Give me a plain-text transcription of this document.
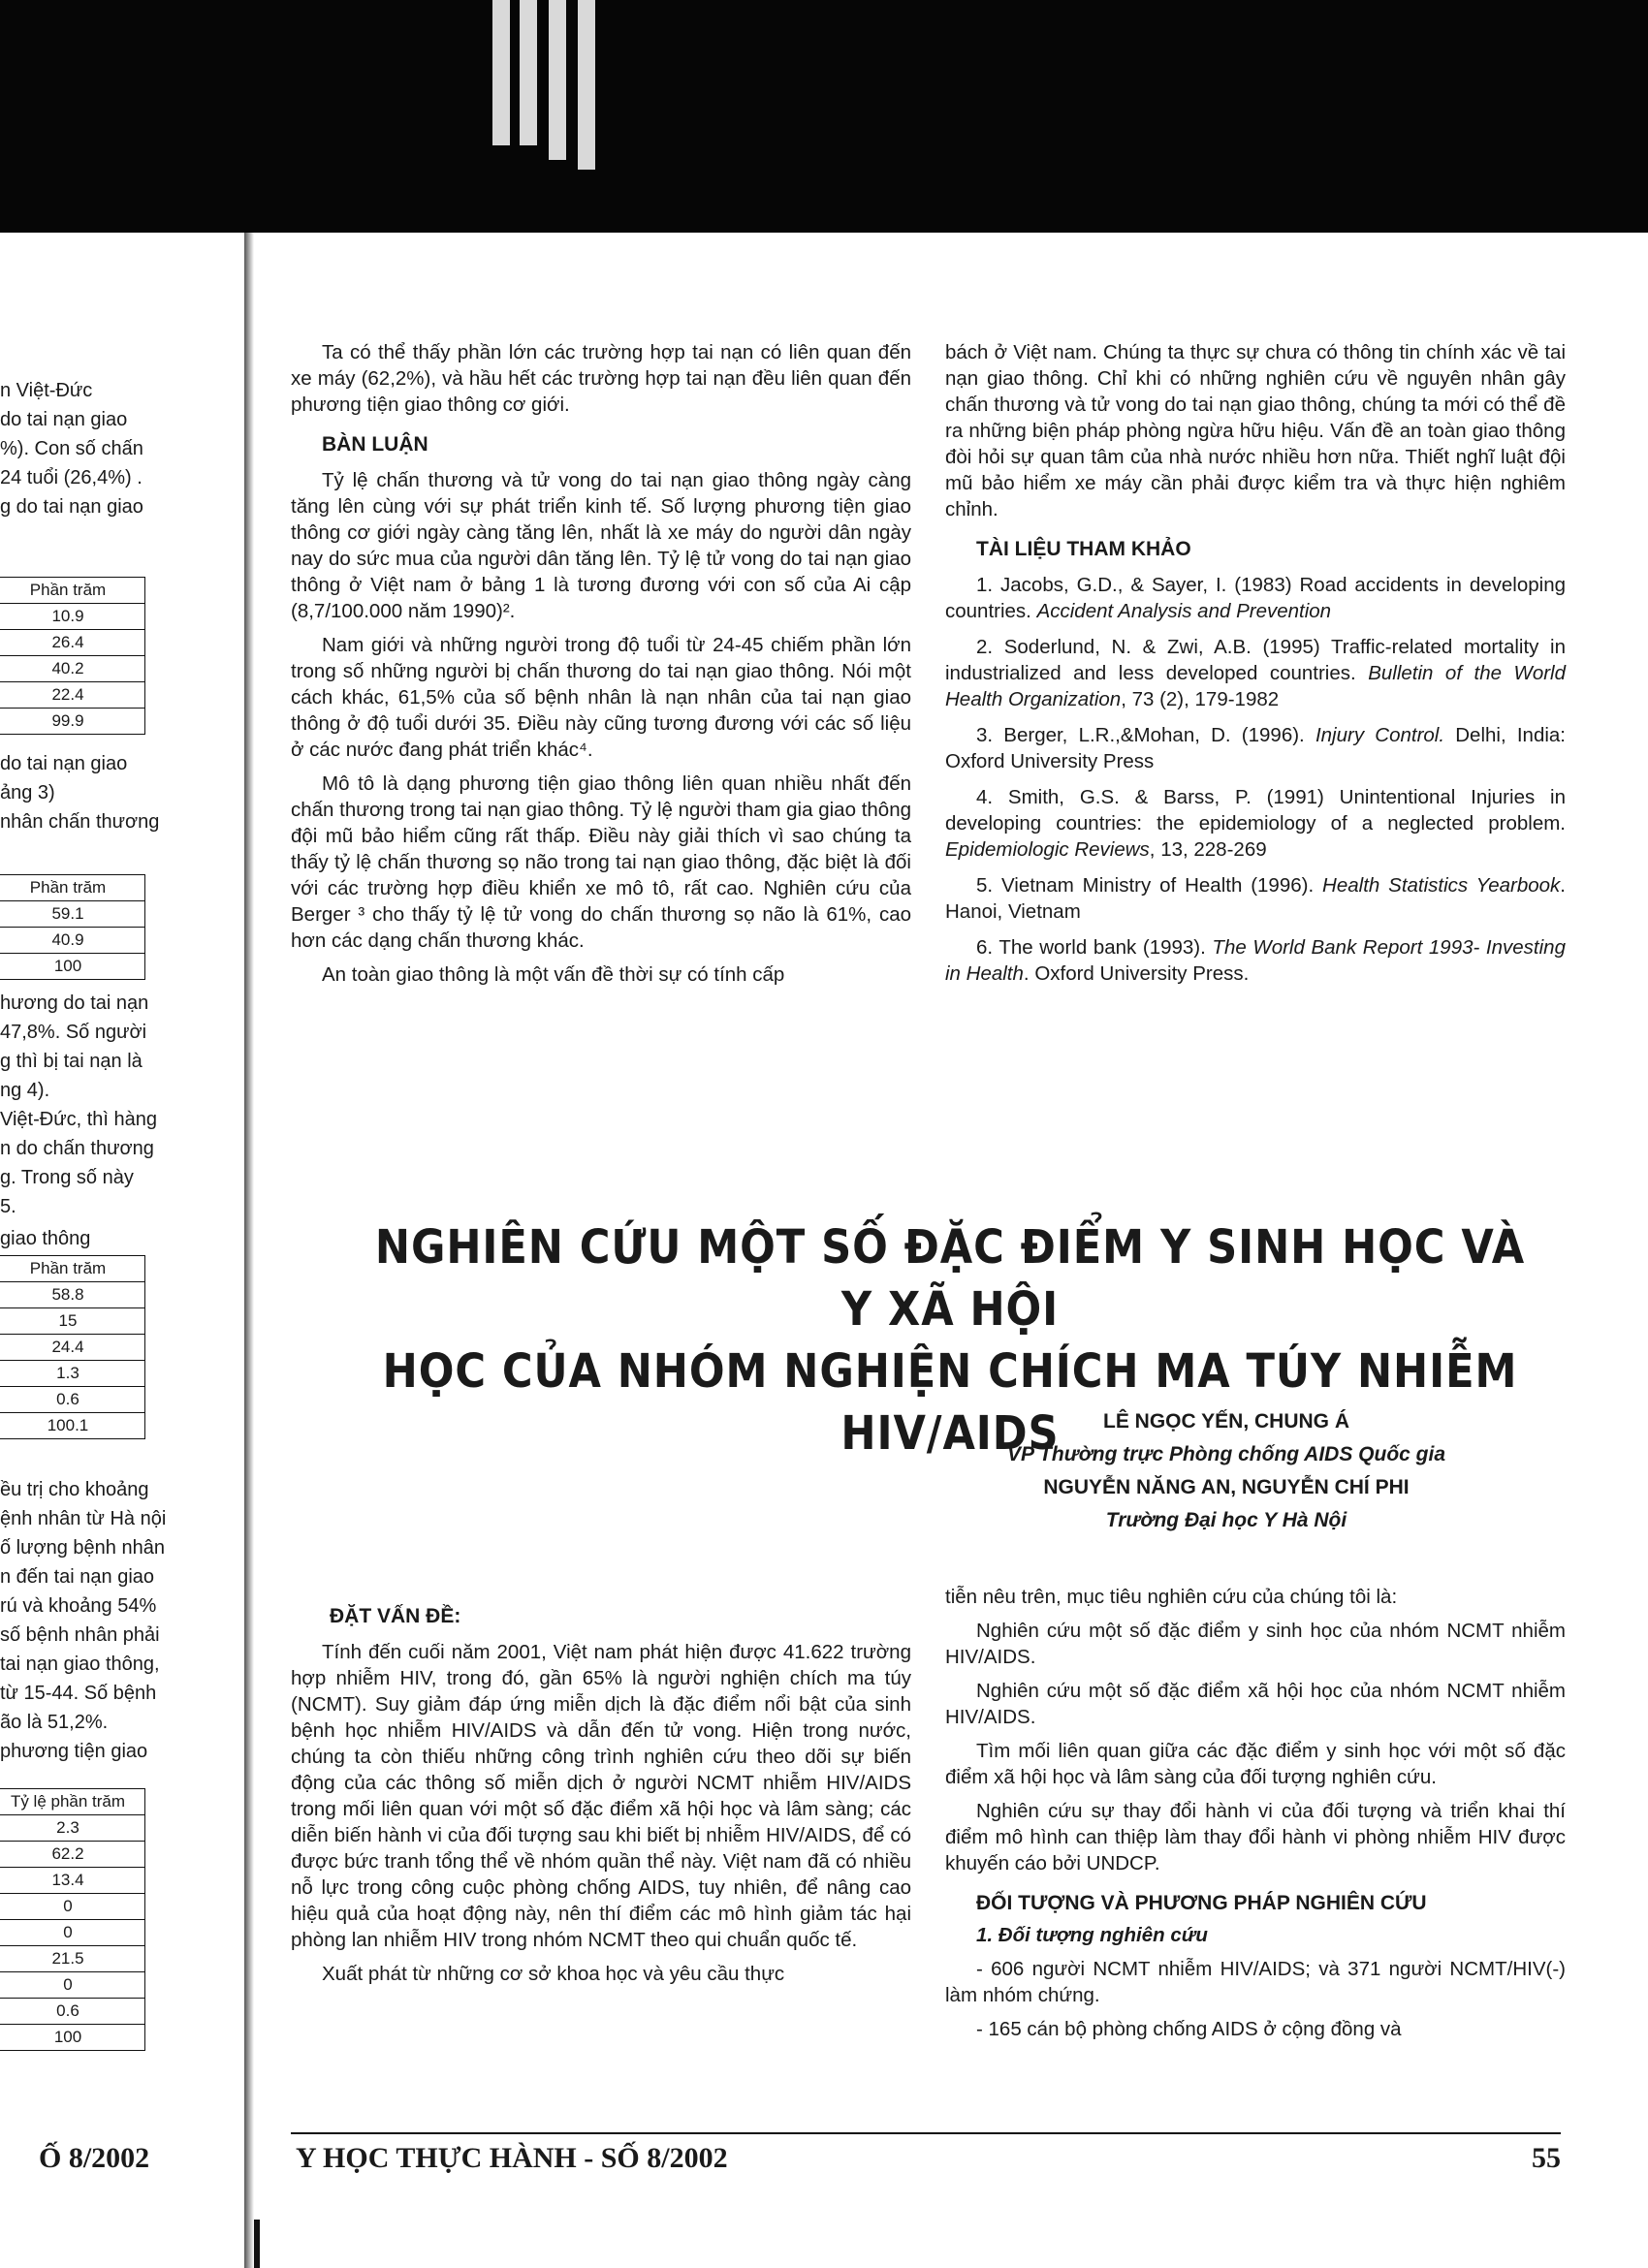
n Việt-Đức

do tai nạn giao

%). Con số chấn

24 tuổi (26,4%) .

g do tai nạn giao

Phần trăm
10.9
26.4
40.2
22.4
99.9

do tai nạn giao

ảng 3)

nhân chấn thương

Phần trăm
59.1
40.9
100

hương do tai nạn

47,8%. Số người

g thì bị tai nạn là

ng 4).

Việt-Đức, thì hàng

n do chấn thương

g. Trong số này

5.

giao thông

Phần trăm
58.8
15
24.4
1.3
0.6
100.1

ều trị cho khoảng

ệnh nhân từ Hà nội

ố lượng bệnh nhân

n đến tai nạn giao

rú và khoảng 54%

số bệnh nhân phải

tai nạn giao thông,

từ 15-44. Số bệnh

ão là 51,2%.

phương tiện giao

Tỷ lệ phần trăm
2.3
62.2
13.4
0
0
21.5
0
0.6
100
Ố 8/2002

Ta có thể thấy phần lớn các trường hợp tai nạn có liên quan đến xe máy (62,2%), và hầu hết các trường hợp tai nạn đều liên quan đến phương tiện giao thông cơ giới.

BÀN LUẬN

Tỷ lệ chấn thương và tử vong do tai nạn giao thông ngày càng tăng lên cùng với sự phát triển kinh tế. Số lượng phương tiện giao thông cơ giới ngày càng tăng lên, nhất là xe máy do người dân ngày nay do sức mua của người dân tăng lên. Tỷ lệ tử vong do tai nạn giao thông ở Việt nam ở bảng 1 là tương đương với con số của Ai cập (8,7/100.000 năm 1990)².

Nam giới và những người trong độ tuổi từ 24-45 chiếm phần lớn trong số những người bị chấn thương do tai nạn giao thông. Nói một cách khác, 61,5% của số bệnh nhân là nạn nhân của tai nạn giao thông ở độ tuổi dưới 35. Điều này cũng tương đương với các số liệu ở các nước đang phát triển khác⁴.

Mô tô là dạng phương tiện giao thông liên quan nhiều nhất đến chấn thương trong tai nạn giao thông. Tỷ lệ người tham gia giao thông đội mũ bảo hiểm cũng rất thấp. Điều này giải thích vì sao chúng ta thấy tỷ lệ chấn thương sọ não trong tai nạn giao thông, đặc biệt là đối với các trường hợp điều khiển xe mô tô, rất cao. Nghiên cứu của Berger ³ cho thấy tỷ lệ tử vong do chấn thương sọ não là 61%, cao hơn các dạng chấn thương khác.

An toàn giao thông là một vấn đề thời sự có tính cấp

bách ở Việt nam. Chúng ta thực sự chưa có thông tin chính xác về tai nạn giao thông. Chỉ khi có những nghiên cứu về nguyên nhân gây chấn thương và tử vong do tai nạn giao thông, chúng ta mới có thể đề ra những biện pháp phòng ngừa hữu hiệu. Vấn đề an toàn giao thông đòi hỏi sự quan tâm của nhà nước nhiều hơn nữa. Thiết nghĩ luật đội mũ bảo hiểm xe máy cần phải được kiểm tra và thực hiện nghiêm chỉnh.

TÀI LIỆU THAM KHẢO

1. Jacobs, G.D., & Sayer, I. (1983) Road accidents in developing countries. Accident Analysis and Prevention

2. Soderlund, N. & Zwi, A.B. (1995) Traffic-related mortality in industrialized and less developed countries. Bulletin of the World Health Organization, 73 (2), 179-1982

3. Berger, L.R.,&Mohan, D. (1996). Injury Control. Delhi, India: Oxford University Press

4. Smith, G.S. & Barss, P. (1991) Unintentional Injuries in developing countries: the epidemiology of a neglected problem. Epidemiologic Reviews, 13, 228-269

5. Vietnam Ministry of Health (1996). Health Statistics Yearbook. Hanoi, Vietnam

6. The world bank (1993). The World Bank Report 1993- Investing in Health. Oxford University Press.

NGHIÊN CỨU MỘT SỐ ĐẶC ĐIỂM Y SINH HỌC VÀ Y XÃ HỘI
HỌC CỦA NHÓM NGHIỆN CHÍCH MA TÚY NHIỄM HIV/AIDS	LÊ NGỌC YẾN, CHUNG Á
VP Thường trực Phòng chống AIDS Quốc gia
NGUYỄN NĂNG AN, NGUYỄN CHÍ PHI
Trường Đại học Y Hà Nội
ĐẶT VẤN ĐỀ:

Tính đến cuối năm 2001, Việt nam phát hiện được 41.622 trường hợp nhiễm HIV, trong đó, gần 65% là người nghiện chích ma túy (NCMT). Suy giảm đáp ứng miễn dịch là đặc điểm nổi bật của sinh bệnh học nhiễm HIV/AIDS và dẫn đến tử vong. Hiện trong nước, chúng ta còn thiếu những công trình nghiên cứu theo dõi sự biến động của các thông số miễn dịch ở người NCMT nhiễm HIV/AIDS trong mối liên quan với một số đặc điểm xã hội học và lâm sàng; các diễn biến hành vi của đối tượng sau khi biết bị nhiễm HIV/AIDS, để có được bức tranh tổng thể về nhóm quần thể này. Việt nam đã có nhiều nỗ lực trong công cuộc phòng chống AIDS, tuy nhiên, để nâng cao hiệu quả của hoạt động này, nên thí điểm các mô hình giảm tác hại phòng lan nhiễm HIV trong nhóm NCMT theo qui chuẩn quốc tế.

Xuất phát từ những cơ sở khoa học và yêu cầu thực

tiễn nêu trên, mục tiêu nghiên cứu của chúng tôi là:

Nghiên cứu một số đặc điểm y sinh học của nhóm NCMT nhiễm HIV/AIDS.

Nghiên cứu một số đặc điểm xã hội học của nhóm NCMT nhiễm HIV/AIDS.

Tìm mối liên quan giữa các đặc điểm y sinh học với một số đặc điểm xã hội học và lâm sàng của đối tượng nghiên cứu.

Nghiên cứu sự thay đổi hành vi của đối tượng và triển khai thí điểm mô hình can thiệp làm thay đổi hành vi phòng nhiễm HIV được khuyến cáo bởi UNDCP.

ĐỐI TƯỢNG VÀ PHƯƠNG PHÁP NGHIÊN CỨU

1. Đối tượng nghiên cứu

- 606 người NCMT nhiễm HIV/AIDS; và 371 người NCMT/HIV(-) làm nhóm chứng.

- 165 cán bộ phòng chống AIDS ở cộng đồng và

Y HỌC THỰC HÀNH - SỐ 8/2002	55
